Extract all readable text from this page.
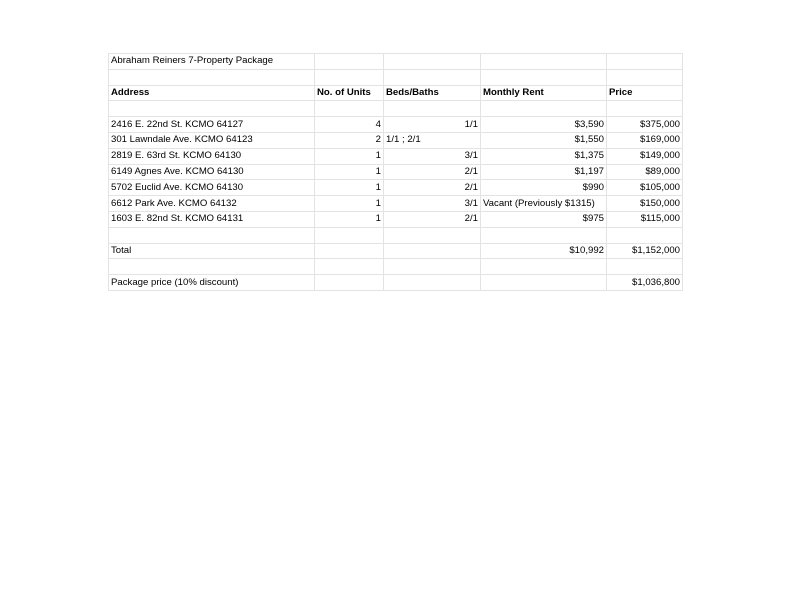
Abraham Reiners 7-Property Package				

Address	No. of Units	Beds/Baths	Monthly Rent	Price

2416 E. 22nd St. KCMO 64127	4	1/1	$3,590	$375,000
301 Lawndale Ave. KCMO 64123	2	1/1 ; 2/1	$1,550	$169,000
2819 E. 63rd St. KCMO 64130	1	3/1	$1,375	$149,000
6149 Agnes Ave. KCMO 64130	1	2/1	$1,197	$89,000
5702 Euclid Ave. KCMO 64130	1	2/1	$990	$105,000
6612 Park Ave. KCMO 64132	1	3/1	Vacant (Previously $1315)	$150,000
1603 E. 82nd St. KCMO 64131	1	2/1	$975	$115,000

Total			$10,992	$1,152,000

Package price (10% discount)				$1,036,800
